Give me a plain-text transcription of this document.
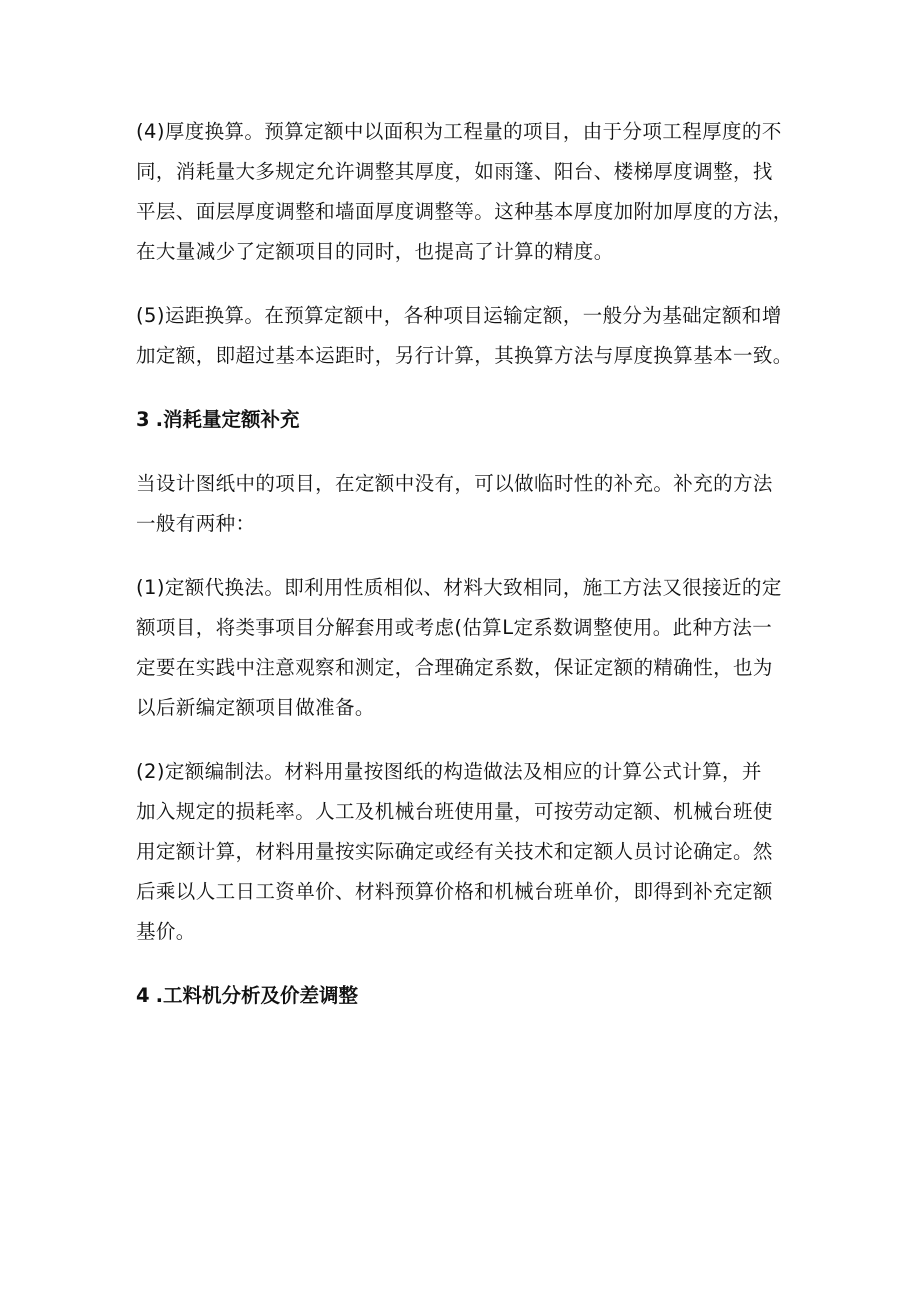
(4)厚度换算。预算定额中以面积为工程量的项目，由于分项工程厚度的不
同，消耗量大多规定允许调整其厚度，如雨篷、阳台、楼梯厚度调整，找
平层、面层厚度调整和墙面厚度调整等。这种基本厚度加附加厚度的方法，
在大量减少了定额项目的同时，也提高了计算的精度。

(5)运距换算。在预算定额中，各种项目运输定额，一般分为基础定额和增
加定额，即超过基本运距时，另行计算，其换算方法与厚度换算基本一致。

3 .消耗量定额补充

当设计图纸中的项目，在定额中没有，可以做临时性的补充。补充的方法
一般有两种：

(1)定额代换法。即利用性质相似、材料大致相同，施工方法又很接近的定
额项目，将类事项目分解套用或考虑(估算L定系数调整使用。此种方法一
定要在实践中注意观察和测定，合理确定系数，保证定额的精确性，也为
以后新编定额项目做准备。

(2)定额编制法。材料用量按图纸的构造做法及相应的计算公式计算，并
加入规定的损耗率。人工及机械台班使用量，可按劳动定额、机械台班使
用定额计算，材料用量按实际确定或经有关技术和定额人员讨论确定。然
后乘以人工日工资单价、材料预算价格和机械台班单价，即得到补充定额
基价。

4 .工料机分析及价差调整
